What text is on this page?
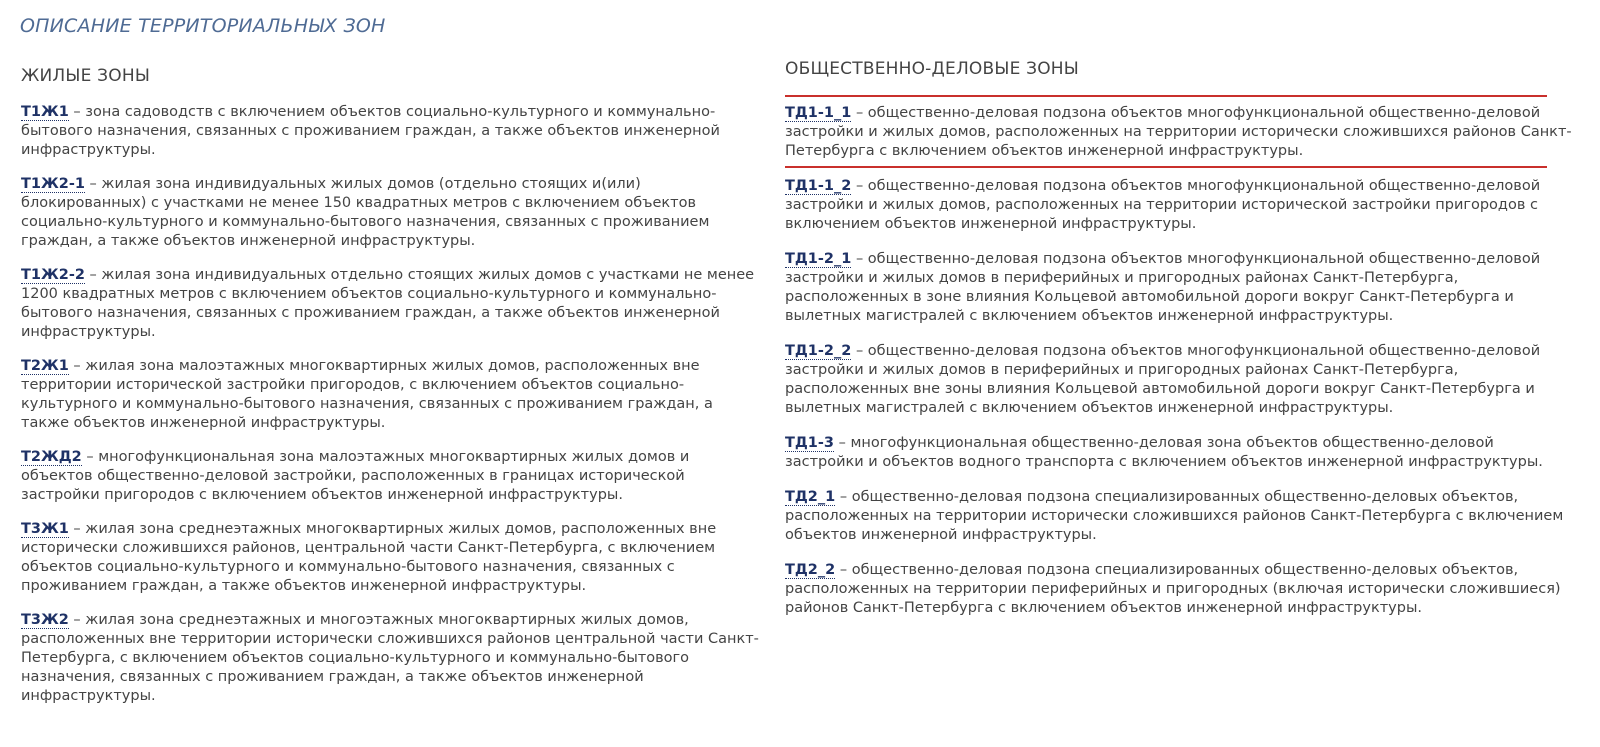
ОПИСАНИЕ ТЕРРИТОРИАЛЬНЫХ ЗОН
ЖИЛЫЕ ЗОНЫ
Т1Ж1 – зона садоводств с включением объектов социально-культурного и коммунально-бытового назначения, связанных с проживанием граждан, а также объектов инженерной инфраструктуры.
Т1Ж2-1 – жилая зона индивидуальных жилых домов (отдельно стоящих и(или) блокированных) с участками не менее 150 квадратных метров с включением объектов социально-культурного и коммунально-бытового назначения, связанных с проживанием граждан, а также объектов инженерной инфраструктуры.
Т1Ж2-2 – жилая зона индивидуальных отдельно стоящих жилых домов с участками не менее 1200 квадратных метров с включением объектов социально-культурного и коммунально-бытового назначения, связанных с проживанием граждан, а также объектов инженерной инфраструктуры.
Т2Ж1 – жилая зона малоэтажных многоквартирных жилых домов, расположенных вне территории исторической застройки пригородов, с включением объектов социально-культурного и коммунально-бытового назначения, связанных с проживанием граждан, а также объектов инженерной инфраструктуры.
Т2ЖД2 – многофункциональная зона малоэтажных многоквартирных жилых домов и объектов общественно-деловой застройки, расположенных в границах исторической застройки пригородов с включением объектов инженерной инфраструктуры.
Т3Ж1 – жилая зона среднеэтажных многоквартирных жилых домов, расположенных вне исторически сложившихся районов, центральной части Санкт-Петербурга, с включением объектов социально-культурного и коммунально-бытового назначения, связанных с проживанием граждан, а также объектов инженерной инфраструктуры.
Т3Ж2 – жилая зона среднеэтажных и многоэтажных многоквартирных жилых домов, расположенных вне территории исторически сложившихся районов центральной части Санкт-Петербурга, с включением объектов социально-культурного и коммунально-бытового назначения, связанных с проживанием граждан, а также объектов инженерной инфраструктуры.
ОБЩЕСТВЕННО-ДЕЛОВЫЕ ЗОНЫ
ТД1-1_1 – общественно-деловая подзона объектов многофункциональной общественно-деловой застройки и жилых домов, расположенных на территории исторически сложившихся районов Санкт-Петербурга с включением объектов инженерной инфраструктуры.
ТД1-1_2 – общественно-деловая подзона объектов многофункциональной общественно-деловой застройки и жилых домов, расположенных на территории исторической застройки пригородов с включением объектов инженерной инфраструктуры.
ТД1-2_1 – общественно-деловая подзона объектов многофункциональной общественно-деловой застройки и жилых домов в периферийных и пригородных районах Санкт-Петербурга, расположенных в зоне влияния Кольцевой автомобильной дороги вокруг Санкт-Петербурга и вылетных магистралей с включением объектов инженерной инфраструктуры.
ТД1-2_2 – общественно-деловая подзона объектов многофункциональной общественно-деловой застройки и жилых домов в периферийных и пригородных районах Санкт-Петербурга, расположенных вне зоны влияния Кольцевой автомобильной дороги вокруг Санкт-Петербурга и вылетных магистралей с включением объектов инженерной инфраструктуры.
ТД1-3 – многофункциональная общественно-деловая зона объектов общественно-деловой застройки и объектов водного транспорта с включением объектов инженерной инфраструктуры.
ТД2_1 – общественно-деловая подзона специализированных общественно-деловых объектов, расположенных на территории исторически сложившихся районов Санкт-Петербурга с включением объектов инженерной инфраструктуры.
ТД2_2 – общественно-деловая подзона специализированных общественно-деловых объектов, расположенных на территории периферийных и пригородных (включая исторически сложившиеся) районов Санкт-Петербурга с включением объектов инженерной инфраструктуры.
